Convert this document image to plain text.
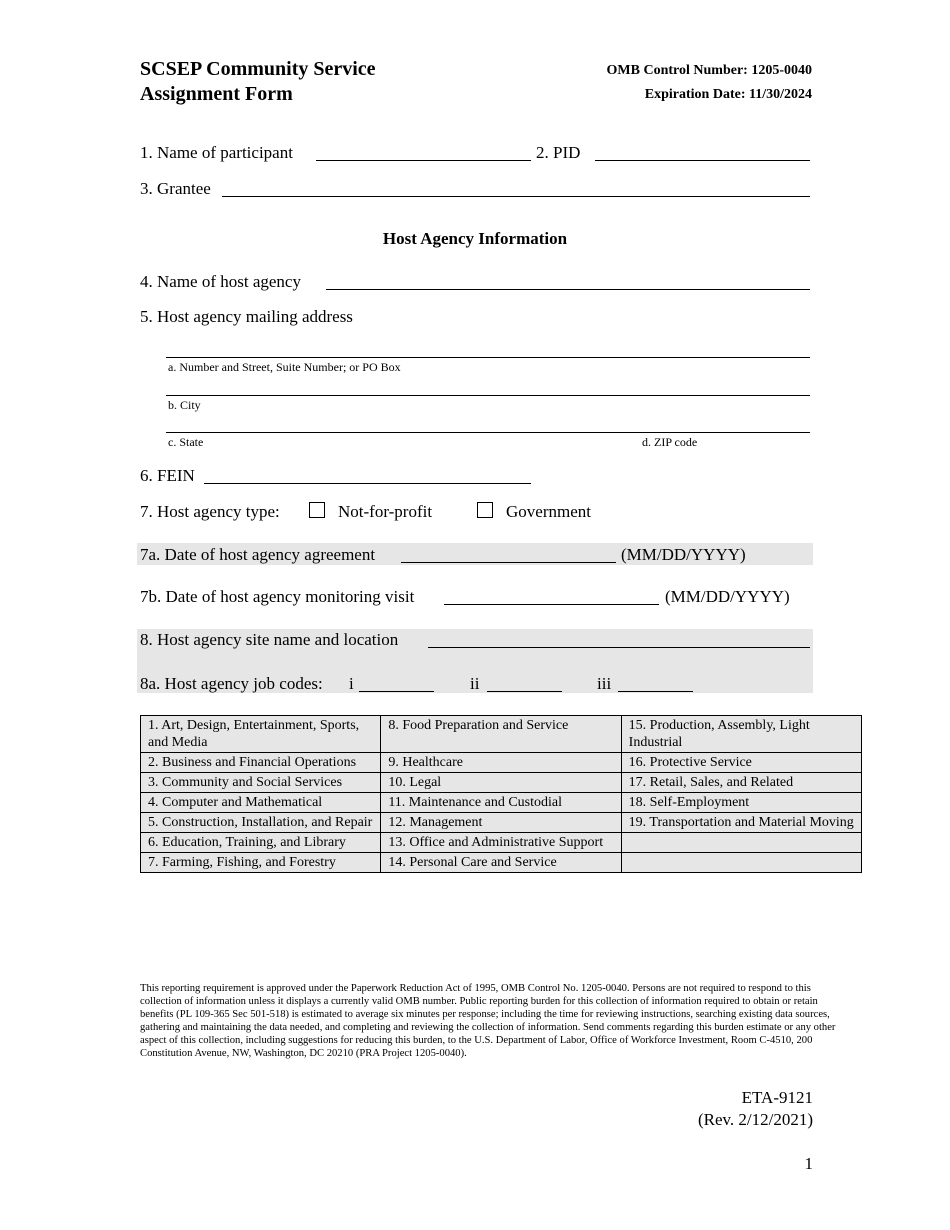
SCSEP Community Service
Assignment Form
OMB Control Number: 1205-0040
Expiration Date: 11/30/2024
1. Name of participant	2. PID
3. Grantee
Host Agency Information
4. Name of host agency
5. Host agency mailing address
a. Number and Street, Suite Number; or PO Box
b. City
c. State	d. ZIP code
6. FEIN
7. Host agency type:	Not-for-profit	Government
7a. Date of host agency agreement	(MM/DD/YYYY)
7b. Date of host agency monitoring visit	(MM/DD/YYYY)
8. Host agency site name and location
8a. Host agency job codes: i	ii	iii
1. Art, Design, Entertainment, Sports, and Media	8. Food Preparation and Service	15. Production, Assembly, Light Industrial
2. Business and Financial Operations	9. Healthcare	16. Protective Service
3. Community and Social Services	10. Legal	17. Retail, Sales, and Related
4. Computer and Mathematical	11. Maintenance and Custodial	18. Self-Employment
5. Construction, Installation, and Repair	12. Management	19. Transportation and Material Moving
6. Education, Training, and Library	13. Office and Administrative Support	
7. Farming, Fishing, and Forestry	14. Personal Care and Service	
This reporting requirement is approved under the Paperwork Reduction Act of 1995, OMB Control No. 1205-0040. Persons are not required to respond to this collection of information unless it displays a currently valid OMB number. Public reporting burden for this collection of information required to obtain or retain benefits (PL 109-365 Sec 501-518) is estimated to average six minutes per response; including the time for reviewing instructions, searching existing data sources, gathering and maintaining the data needed, and completing and reviewing the collection of information. Send comments regarding this burden estimate or any other aspect of this collection, including suggestions for reducing this burden, to the U.S. Department of Labor, Office of Workforce Investment, Room C-4510, 200 Constitution Avenue, NW, Washington, DC 20210 (PRA Project 1205-0040).
ETA-9121
(Rev. 2/12/2021)
1
